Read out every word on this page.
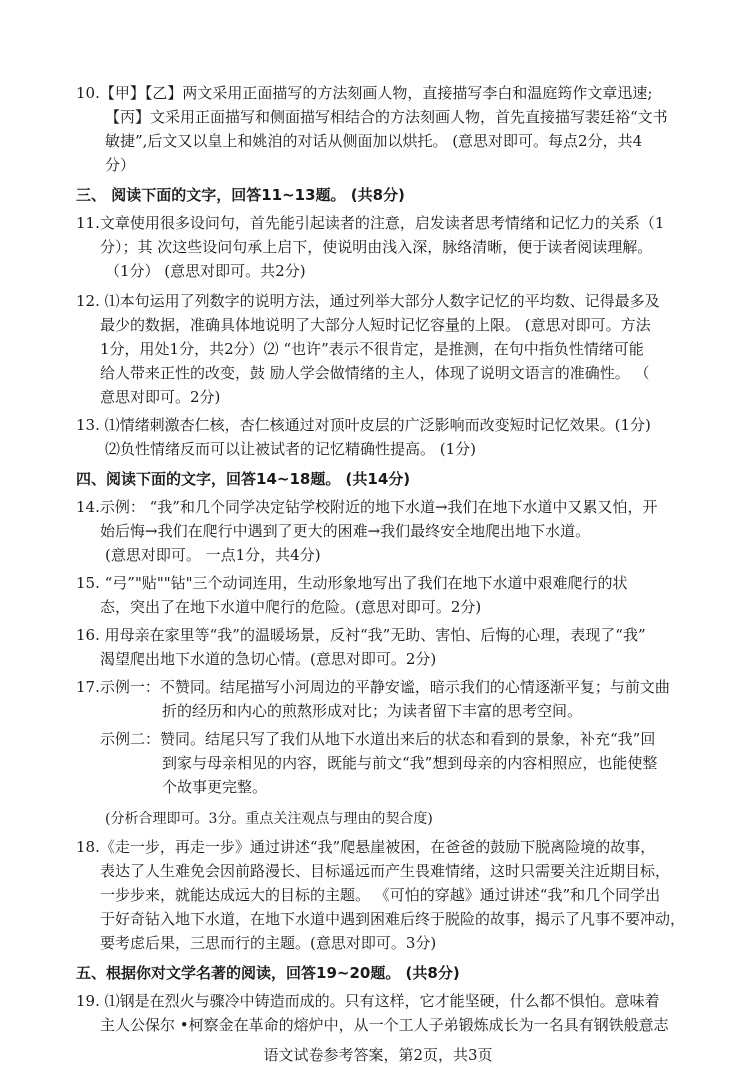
10.【甲】【乙】两文采用正面描写的方法刻画人物，直接描写李白和温庭筠作文章迅速;
【丙】文采用正面描写和侧面描写相结合的方法刻画人物，首先直接描写裴廷裕“文书
敏捷”,后文又以皇上和姚洎的对话从侧面加以烘托。 (意思对即可。每点2分，共4
分）
三、 阅读下面的文字，回答11~13题。 (共8分)
11.文章使用很多设问句，首先能引起读者的注意，启发读者思考情绪和记忆力的关系（1
分）；其 次这些设问句承上启下，使说明由浅入深，脉络清晰，便于读者阅读理解。
（1分） (意思对即可。共2分)
12. ⑴本句运用了列数字的说明方法，通过列举大部分人数字记忆的平均数、记得最多及
最少的数据，准确具体地说明了大部分人短时记忆容量的上限。 (意思对即可。方法
1分，用处1分，共2分）⑵ “也许”表示不很肯定，是推测，在句中指负性情绪可能
给人带来正性的改变，鼓 励人学会做情绪的主人，体现了说明文语言的准确性。 （
意思对即可。2分)
13. ⑴情绪刺激杏仁核，杏仁核通过对顶叶皮层的广泛影响而改变短时记忆效果。(1分)
⑵负性情绪反而可以让被试者的记忆精确性提高。 (1分)
四、阅读下面的文字，回答14~18题。 (共14分)
14.示例： “我”和几个同学决定钻学校附近的地下水道→我们在地下水道中又累又怕，开
始后悔→我们在爬行中遇到了更大的困难→我们最终安全地爬出地下水道。
(意思对即可。 一点1分，共4分)
15. “弓”"贴""钻"三个动词连用，生动形象地写出了我们在地下水道中艰难爬行的状
态，突出了在地下水道中爬行的危险。(意思对即可。2分)
16. 用母亲在家里等“我”的温暖场景，反衬“我”无助、害怕、后悔的心理，表现了“我”
渴望爬出地下水道的急切心情。(意思对即可。2分)
17.示例一：不赞同。结尾描写小河周边的平静安谧，暗示我们的心情逐渐平复；与前文曲
折的经历和内心的煎熬形成对比；为读者留下丰富的思考空间。
示例二：赞同。结尾只写了我们从地下水道出来后的状态和看到的景象，补充“我”回
到家与母亲相见的内容，既能与前文“我”想到母亲的内容相照应，也能使整
个故事更完整。
(分析合理即可。3分。重点关注观点与理由的契合度)
18.《走一步，再走一步》通过讲述“我”爬悬崖被困，在爸爸的鼓励下脱离险境的故事，
表达了人生难免会因前路漫长、目标遥远而产生畏难情绪，这时只需要关注近期目标，
一步步来，就能达成远大的目标的主题。 《可怕的穿越》通过讲述“我”和几个同学出
于好奇钻入地下水道，在地下水道中遇到困难后终于脱险的故事，揭示了凡事不要冲动，
要考虑后果，三思而行的主题。(意思对即可。3分)
五、根据你对文学名著的阅读，回答19~20题。 (共8分)
19. ⑴钢是在烈火与骤冷中铸造而成的。只有这样，它才能坚硬，什么都不惧怕。意味着
主人公保尔 •柯察金在革命的熔炉中，从一个工人子弟锻炼成长为一名具有钢铁般意志
语文试卷参考答案，第2页，共3页
